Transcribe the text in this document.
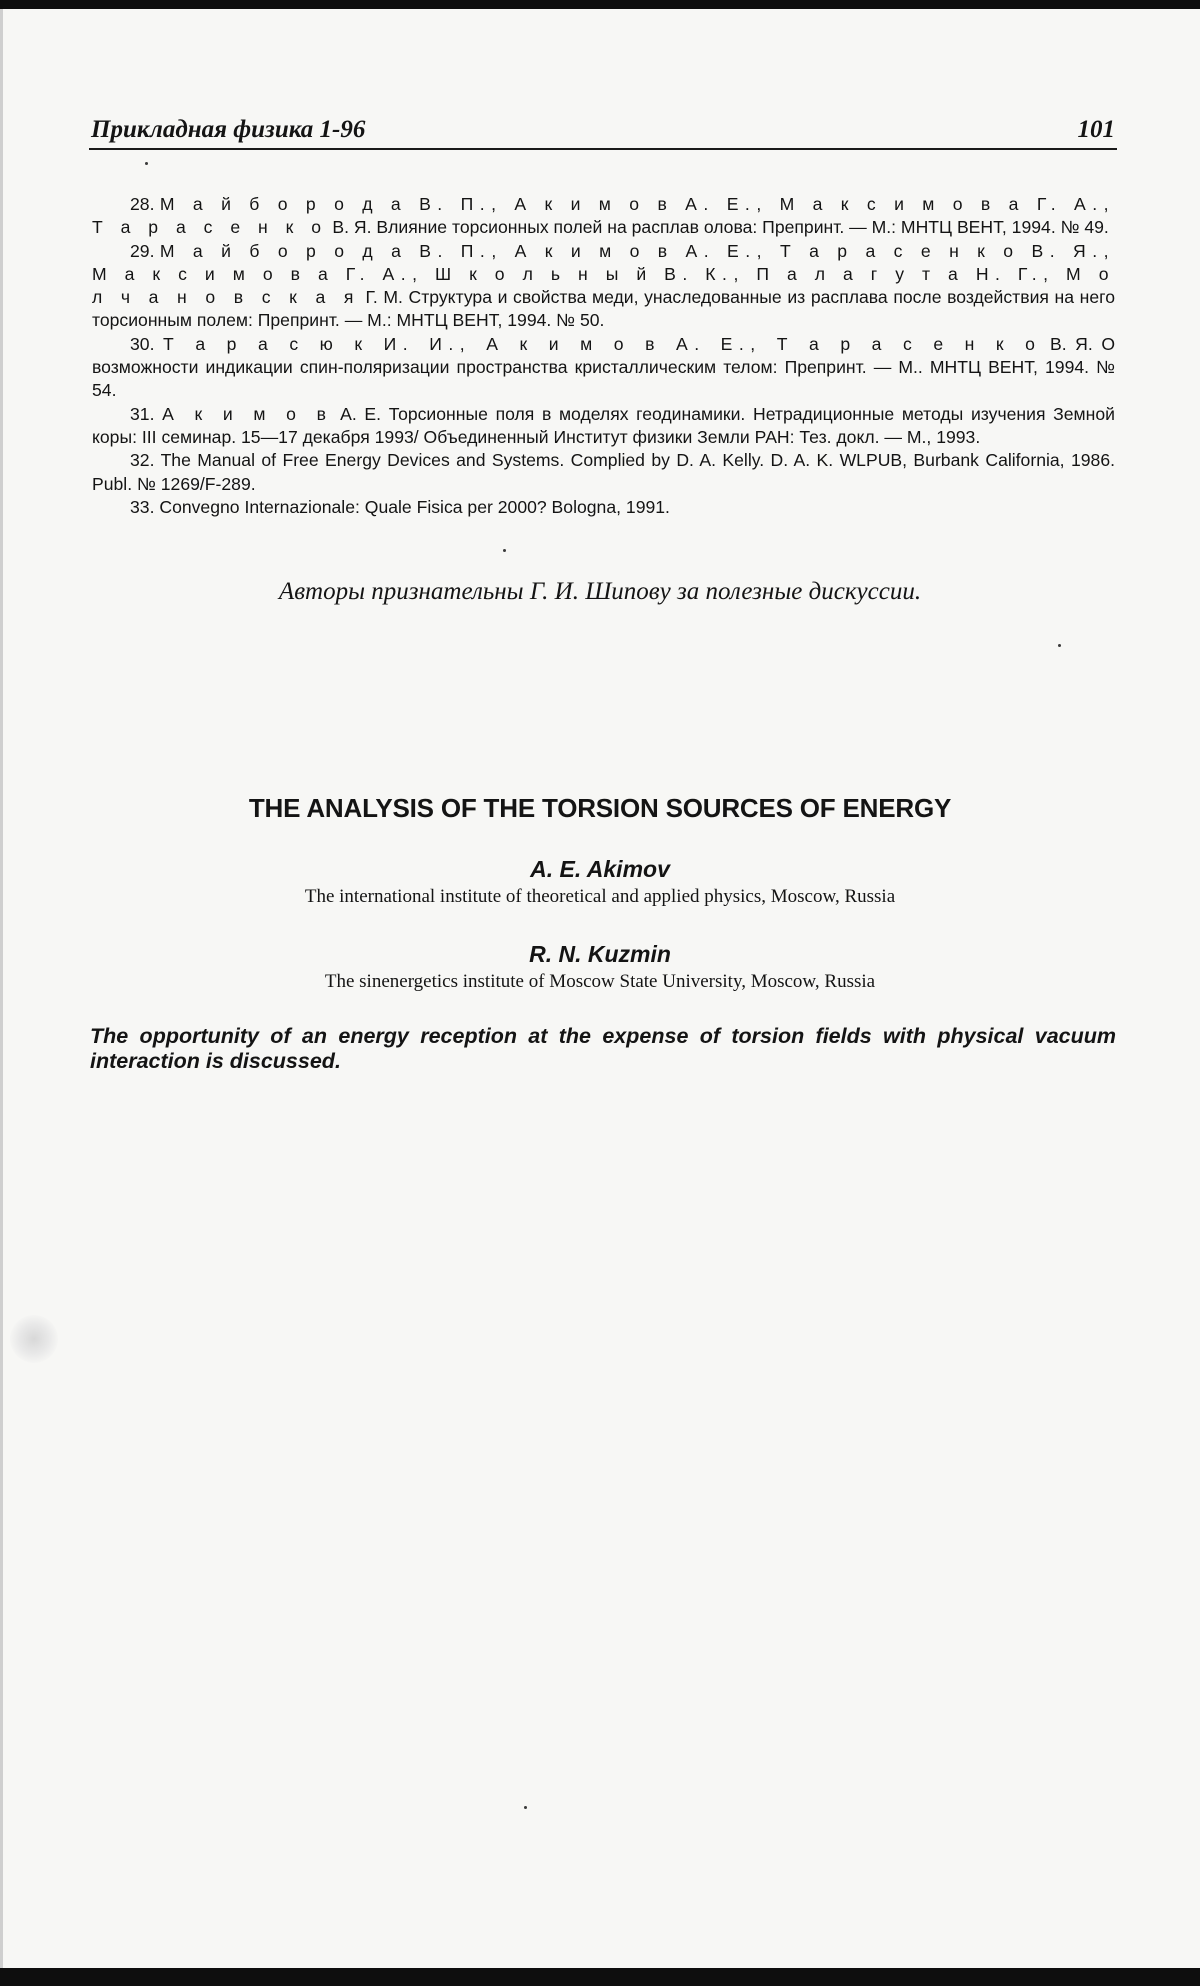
Прикладная физика 1-96	101

28. М а й б о р о д а В. П., А к и м о в А. Е., М а к с и м о в а Г. А., Т а р а с е н к о В. Я. Влияние торсионных полей на расплав олова: Препринт. — М.: МНТЦ ВЕНТ, 1994. № 49.

29. М а й б о р о д а В. П., А к и м о в А. Е., Т а р а с е н к о В. Я., М а к с и м о в а Г. А., Ш к о л ь н ы й В. К., П а л а г у т а Н. Г., М о л ч а н о в с к а я Г. М. Структура и свойства меди, унаследованные из расплава после воздействия на него торсионным полем: Препринт. — М.: МНТЦ ВЕНТ, 1994. № 50.

30. Т а р а с ю к И. И., А к и м о в А. Е., Т а р а с е н к о В. Я. О возможности индикации спин-поляризации пространства кристаллическим телом: Препринт. — М.. МНТЦ ВЕНТ, 1994. № 54.

31. А к и м о в А. Е. Торсионные поля в моделях геодинамики. Нетрадиционные методы изучения Земной коры: III семинар. 15—17 декабря 1993/ Объединенный Институт физики Земли РАН: Тез. докл. — М., 1993.

32. The Manual of Free Energy Devices and Systems. Complied by D. A. Kelly. D. A. K. WLPUB, Burbank California, 1986. Publ. № 1269/F-289.

33. Convegno Internazionale: Quale Fisica per 2000? Bologna, 1991.

Авторы признательны Г. И. Шипову за полезные дискуссии.
THE ANALYSIS OF THE TORSION SOURCES OF ENERGY
A. E. Akimov
The international institute of theoretical and applied physics, Moscow, Russia
R. N. Kuzmin
The sinenergetics institute of Moscow State University, Moscow, Russia
The opportunity of an energy reception at the expense of torsion fields with physical vacuum interaction is discussed.
